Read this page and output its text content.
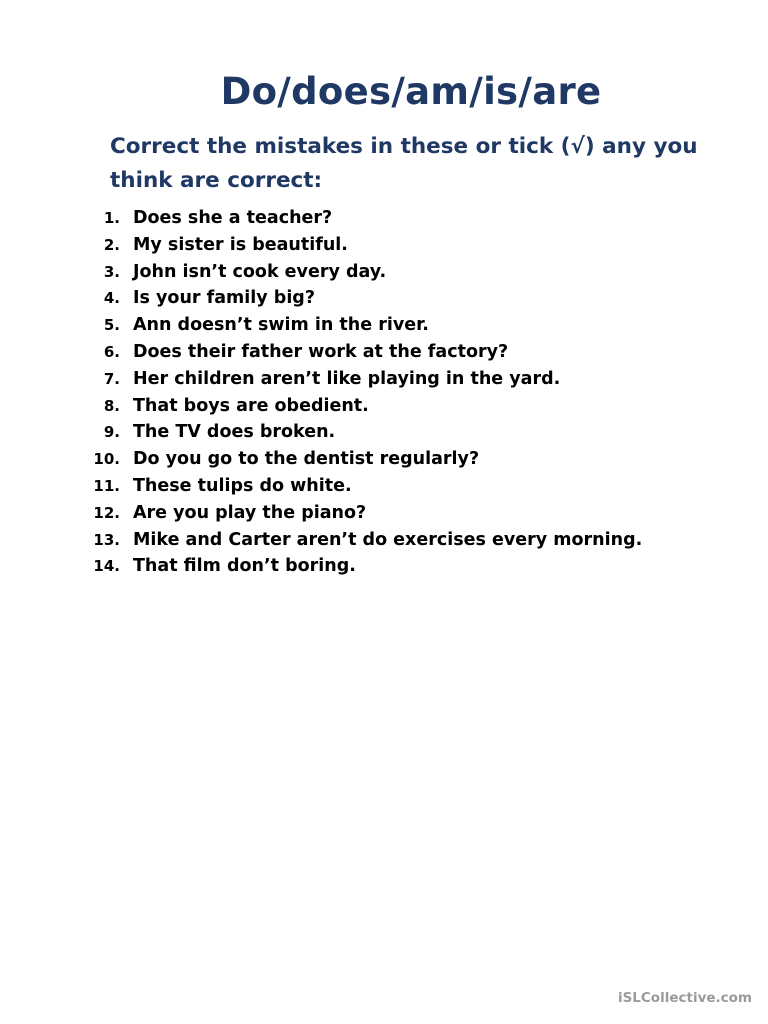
Do/does/am/is/are
Correct the mistakes in these or tick (√) any you think are correct:
1. Does she a teacher?
2. My sister is beautiful.
3. John isn’t cook every day.
4. Is your family big?
5. Ann doesn’t swim in the river.
6. Does their father work at the factory?
7. Her children aren’t like playing in the yard.
8. That boys are obedient.
9. The TV does broken.
10. Do you go to the dentist regularly?
11. These tulips do white.
12. Are you play the piano?
13. Mike and Carter aren’t do exercises every morning.
14. That film don’t boring.
iSLCollective.com
